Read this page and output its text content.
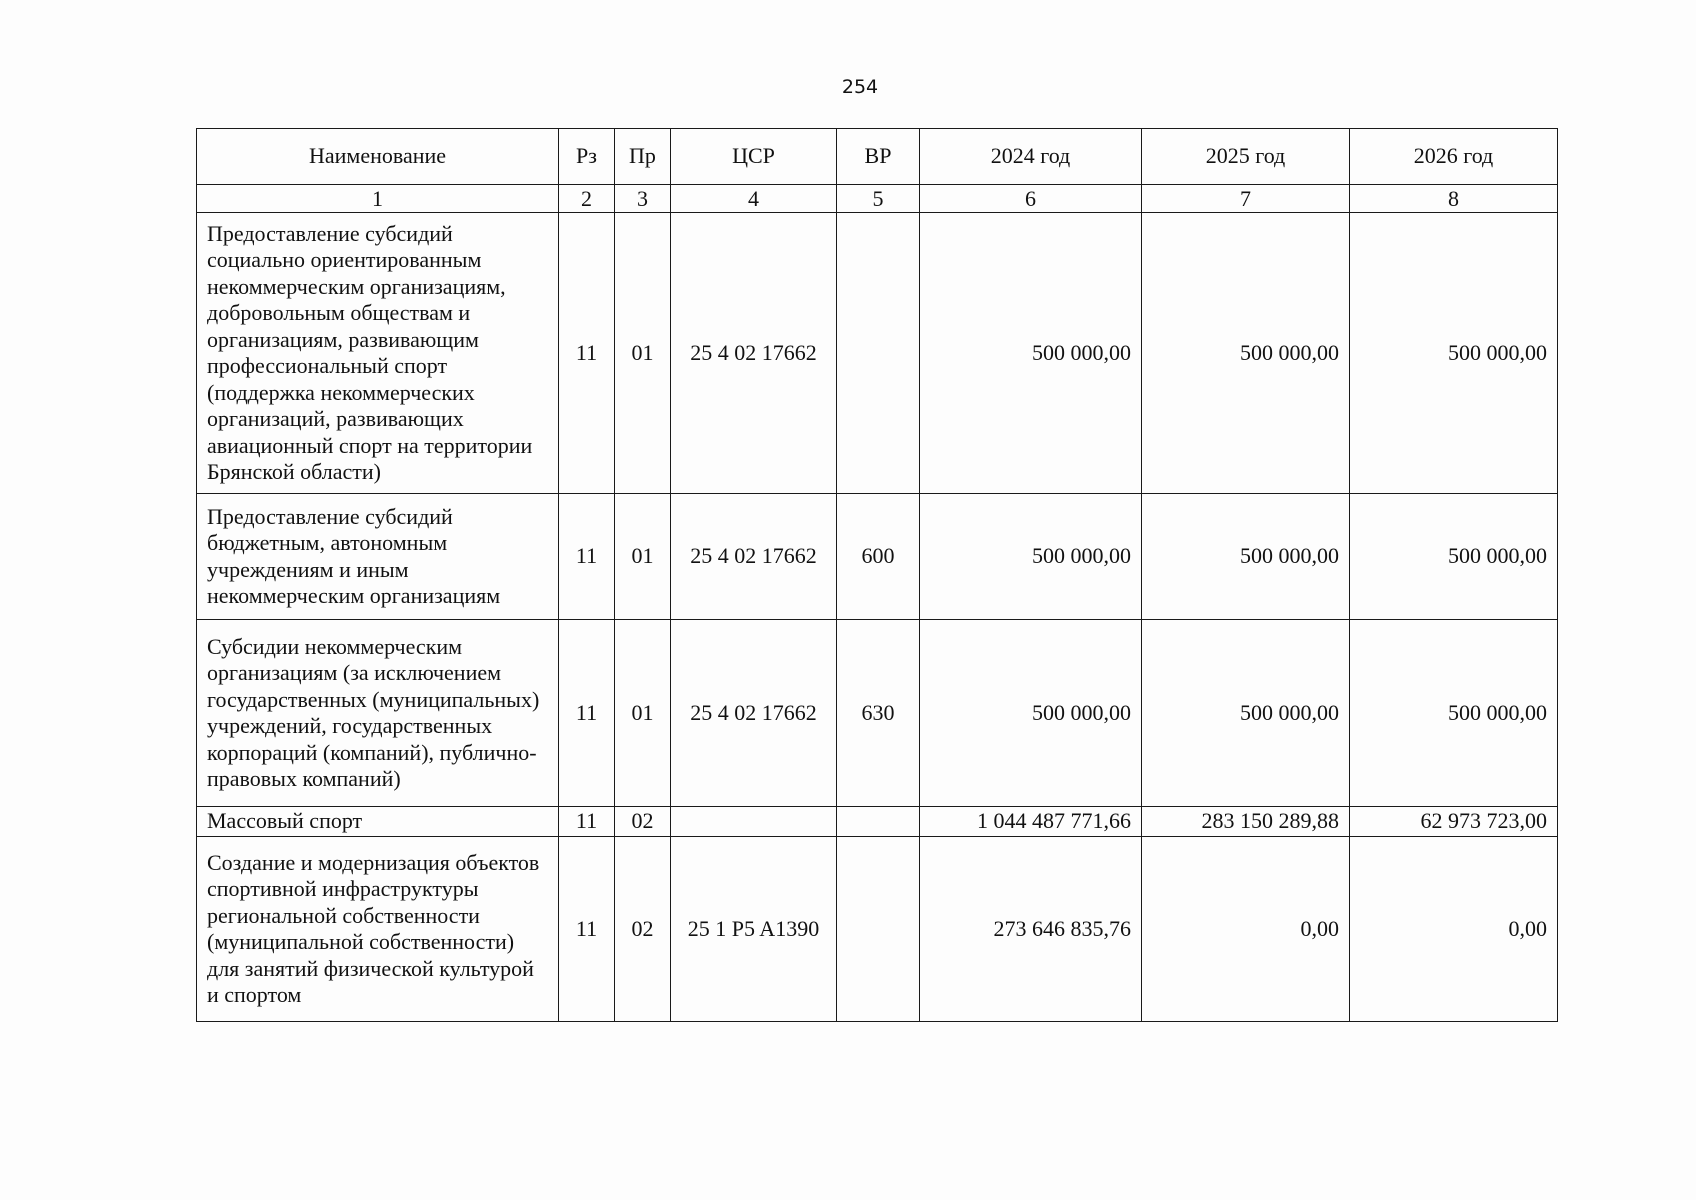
254
Наименование	Рз	Пр	ЦСР	ВР	2024 год	2025 год	2026 год
1	2	3	4	5	6	7	8
Предоставление субсидий социально ориентированным некоммерческим организациям, добровольным обществам и организациям, развивающим профессиональный спорт (поддержка некоммерческих организаций, развивающих авиационный спорт на территории Брянской области)	11	01	25 4 02 17662		500 000,00	500 000,00	500 000,00
Предоставление субсидий бюджетным, автономным учреждениям и иным некоммерческим организациям	11	01	25 4 02 17662	600	500 000,00	500 000,00	500 000,00
Субсидии некоммерческим организациям (за исключением государственных (муниципальных) учреждений, государственных корпораций (компаний), публично-правовых компаний)	11	01	25 4 02 17662	630	500 000,00	500 000,00	500 000,00
Массовый спорт	11	02			1 044 487 771,66	283 150 289,88	62 973 723,00
Создание и модернизация объектов спортивной инфраструктуры региональной собственности (муниципальной собственности) для занятий физической культурой и спортом	11	02	25 1 P5 A1390		273 646 835,76	0,00	0,00
